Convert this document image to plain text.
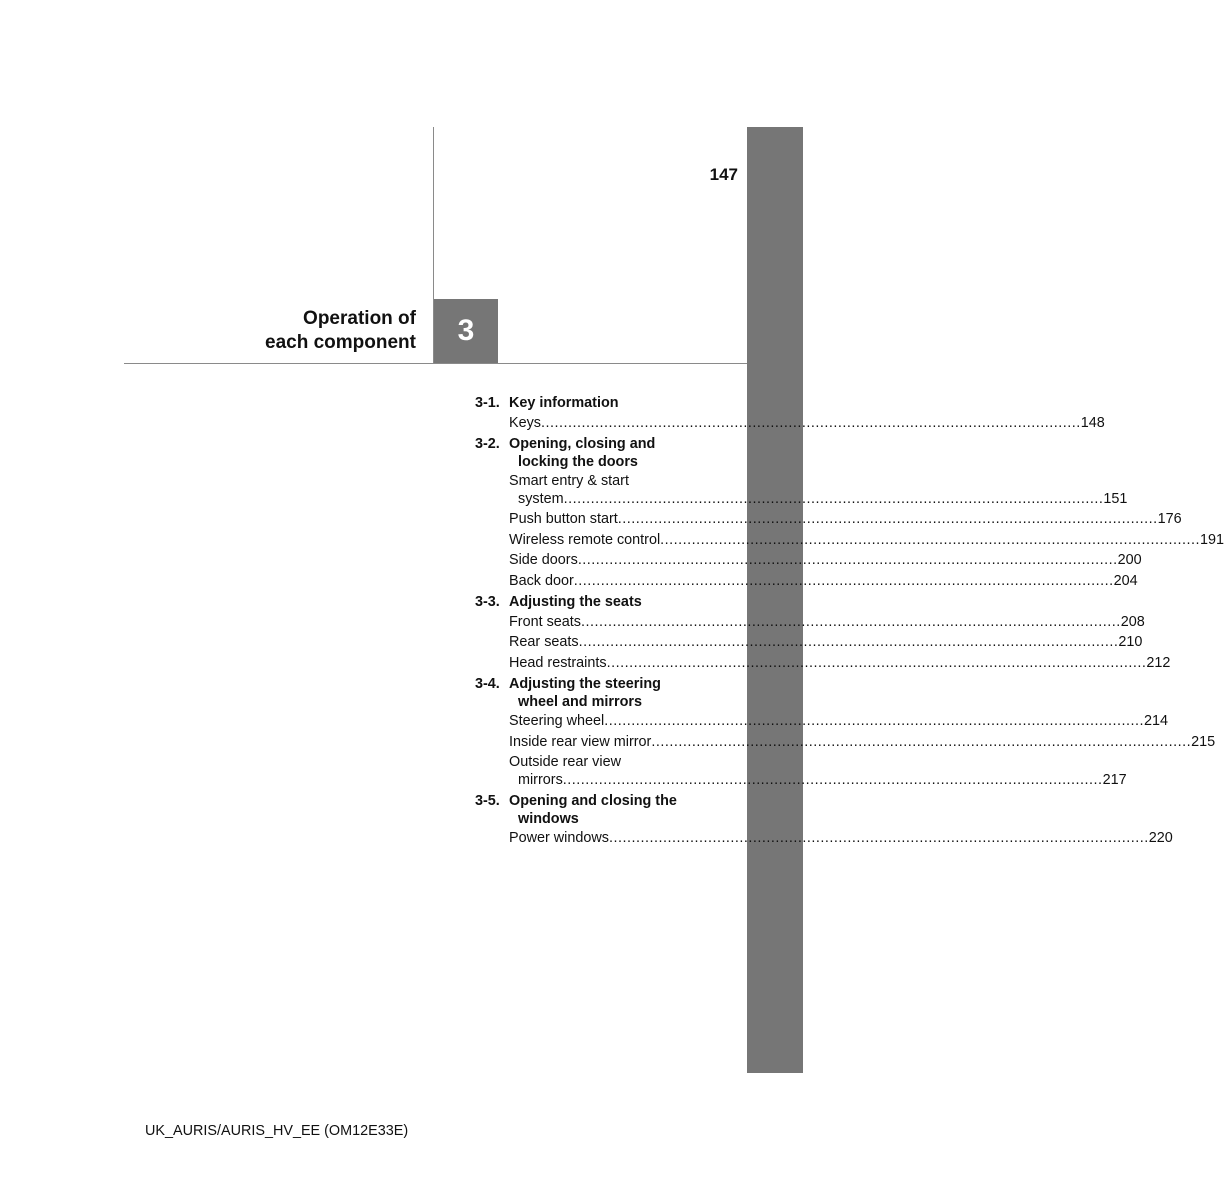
147
Operation of
each component 3
3-1. Key information
Keys ........................................................................................................................ 148
3-2. Opening, closing and
locking the doors
Smart entry & start
system ........................................................................................................................ 151
Push button start ........................................................................................................................ 176
Wireless remote control ........................................................................................................................ 191
Side doors ........................................................................................................................ 200
Back door ........................................................................................................................ 204
3-3. Adjusting the seats
Front seats ........................................................................................................................ 208
Rear seats ........................................................................................................................ 210
Head restraints ........................................................................................................................ 212
3-4. Adjusting the steering
wheel and mirrors
Steering wheel ........................................................................................................................ 214
Inside rear view mirror ........................................................................................................................ 215
Outside rear view
mirrors ........................................................................................................................ 217
3-5. Opening and closing the
windows
Power windows ........................................................................................................................ 220
UK_AURIS/AURIS_HV_EE (OM12E33E)
